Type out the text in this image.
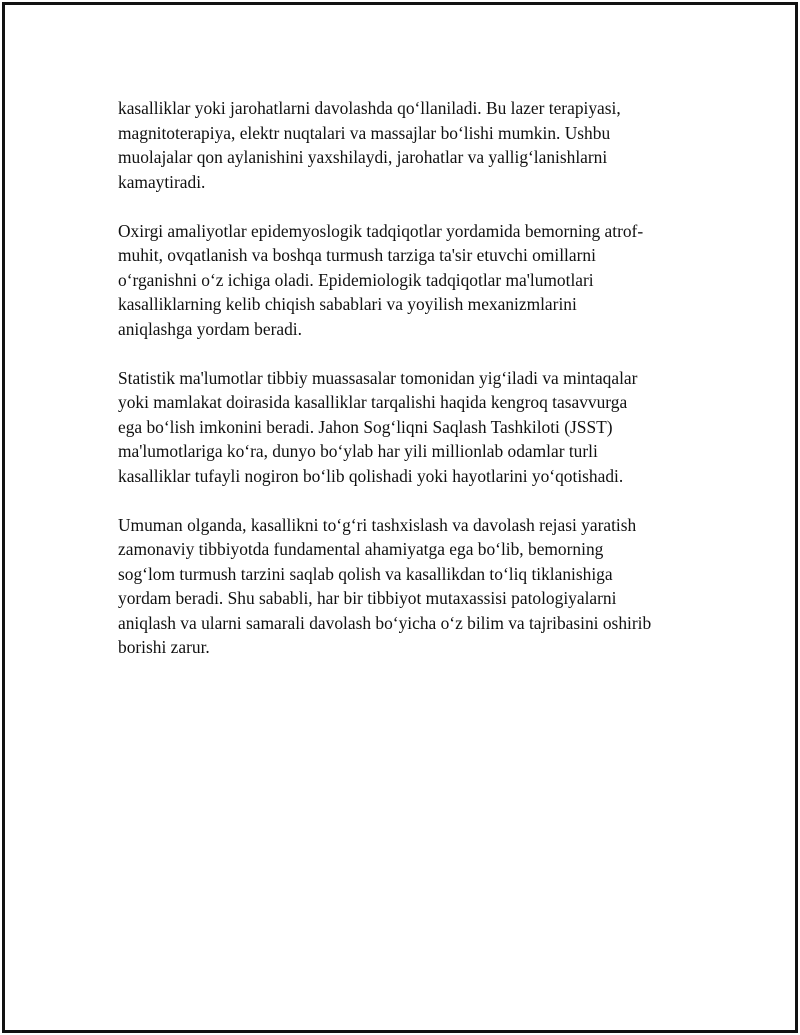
kasalliklar yoki jarohatlarni davolashda qo‘llaniladi. Bu lazer terapiyasi,
magnitoterapiya, elektr nuqtalari va massajlar bo‘lishi mumkin. Ushbu
muolajalar qon aylanishini yaxshilaydi, jarohatlar va yallig‘lanishlarni
kamaytiradi.

Oxirgi amaliyotlar epidemyoslogik tadqiqotlar yordamida bemorning atrof-
muhit, ovqatlanish va boshqa turmush tarziga ta'sir etuvchi omillarni
o‘rganishni o‘z ichiga oladi. Epidemiologik tadqiqotlar ma'lumotlari
kasalliklarning kelib chiqish sabablari va yoyilish mexanizmlarini
aniqlashga yordam beradi.

Statistik ma'lumotlar tibbiy muassasalar tomonidan yig‘iladi va mintaqalar
yoki mamlakat doirasida kasalliklar tarqalishi haqida kengroq tasavvurga
ega bo‘lish imkonini beradi. Jahon Sog‘liqni Saqlash Tashkiloti (JSST)
ma'lumotlariga ko‘ra, dunyo bo‘ylab har yili millionlab odamlar turli
kasalliklar tufayli nogiron bo‘lib qolishadi yoki hayotlarini yo‘qotishadi.

Umuman olganda, kasallikni to‘g‘ri tashxislash va davolash rejasi yaratish
zamonaviy tibbiyotda fundamental ahamiyatga ega bo‘lib, bemorning
sog‘lom turmush tarzini saqlab qolish va kasallikdan to‘liq tiklanishiga
yordam beradi. Shu sababli, har bir tibbiyot mutaxassisi patologiyalarni
aniqlash va ularni samarali davolash bo‘yicha o‘z bilim va tajribasini oshirib
borishi zarur.
